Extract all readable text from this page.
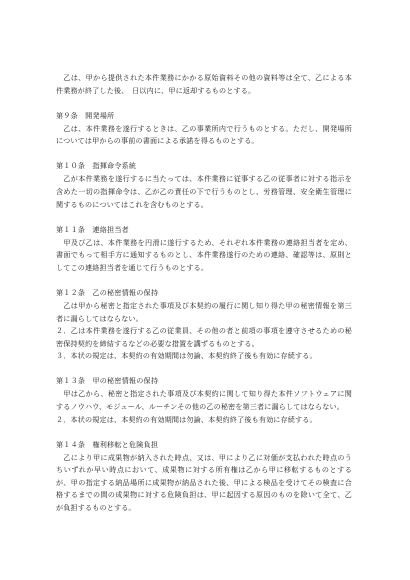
　乙は、甲から提供された本件業務にかかる原始資料その他の資料等は全て、乙による本件業務が終了した後、　日以内に、甲に返却するものとする。
第９条　開発場所
　乙は、本件業務を遂行するときは、乙の事業所内で行うものとする。ただし、開発場所については甲からの事前の書面による承諾を得るものとする。
第１０条　指揮命令系統
　乙が本件業務を遂行するに当たっては、本件業務に従事する乙の従事者に対する指示を含めた一切の指揮命令は、乙が乙の責任の下で行うものとし、労務管理、安全衛生管理に関するものについてはこれを含むものとする。
第１１条　連絡担当者
　甲及び乙は、本件業務を円滑に遂行するため、それぞれ本件業務の連絡担当者を定め、書面でもって相手方に通知するものとし、本件業務遂行のための連絡、確認等は、原則としてこの連絡担当者を通じて行うものとする。
第１２条　乙の秘密情報の保持
　乙は甲から秘密と指定された事項及び本契約の履行に関し知り得た甲の秘密情報を第三者に漏らしてはならない。
２．乙は本件業務を遂行する乙の従業員、その他の者と前項の事項を遵守させるための秘密保持契約を締結するなどの必要な措置を講ずるものとする。
３．本状の規定は、本契約の有効期間は勿論、本契約終了後も有効に存続する。
第１３条　甲の秘密情報の保持
　甲は乙から、秘密と指定された事項及び本契約に関して知り得た本件ソフトウェアに関するノウハウ、モジュール、ルーチンその他の乙の秘密を第三者に漏らしてはならない。
２．本状の規定は、本契約の有効期間は勿論、本契約終了後も有効に存続する。
第１４条　権利移転と危険負担
　乙により甲に成果物が納入された時点、又は、甲により乙に対価が支払われた時点のうちいずれか早い時点において、成果物に対する所有権は乙から甲に移転するものとするが、甲の指定する納品場所に成果物が納品された後、甲による検品を受けてその検査に合格するまでの間の成果物に対する危険負担は、甲に起因する原因のものを除いて全て、乙が負担するものとする。
